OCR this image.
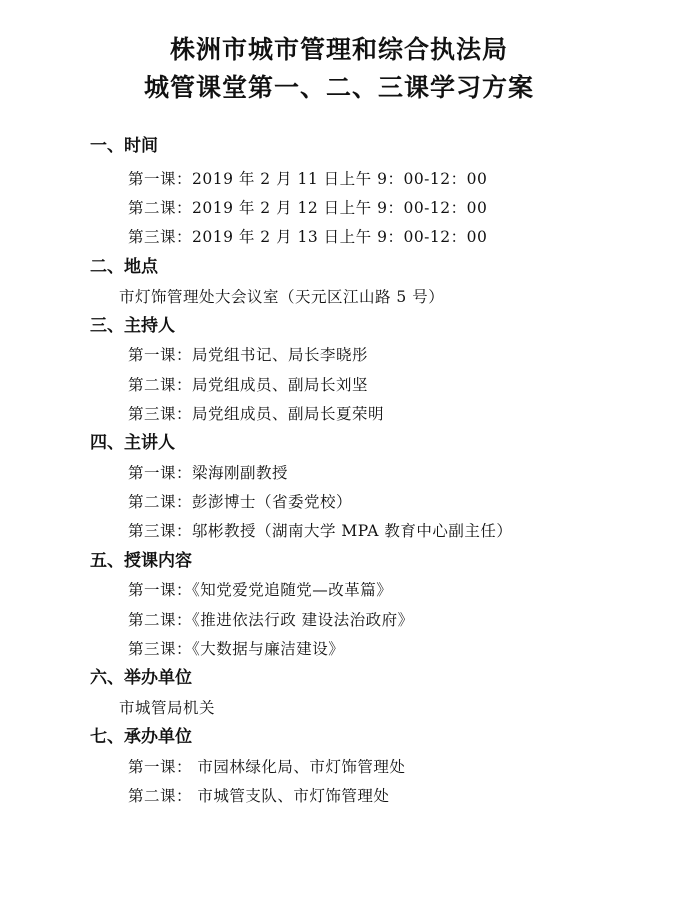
株洲市城市管理和综合执法局
城管课堂第一、二、三课学习方案
一、时间
第一课：2019 年 2 月 11 日上午 9：00-12：00
第二课：2019 年 2 月 12 日上午 9：00-12：00
第三课：2019 年 2 月 13 日上午 9：00-12：00
二、地点
市灯饰管理处大会议室（天元区江山路 5 号）
三、主持人
第一课：局党组书记、局长李晓彤
第二课：局党组成员、副局长刘坚
第三课：局党组成员、副局长夏荣明
四、主讲人
第一课：梁海刚副教授
第二课：彭澎博士（省委党校）
第三课：邬彬教授（湖南大学 MPA 教育中心副主任）
五、授课内容
第一课：《知党爱党追随党—改革篇》
第二课：《推进依法行政 建设法治政府》
第三课：《大数据与廉洁建设》
六、举办单位
市城管局机关
七、承办单位
第一课： 市园林绿化局、市灯饰管理处
第二课： 市城管支队、市灯饰管理处
